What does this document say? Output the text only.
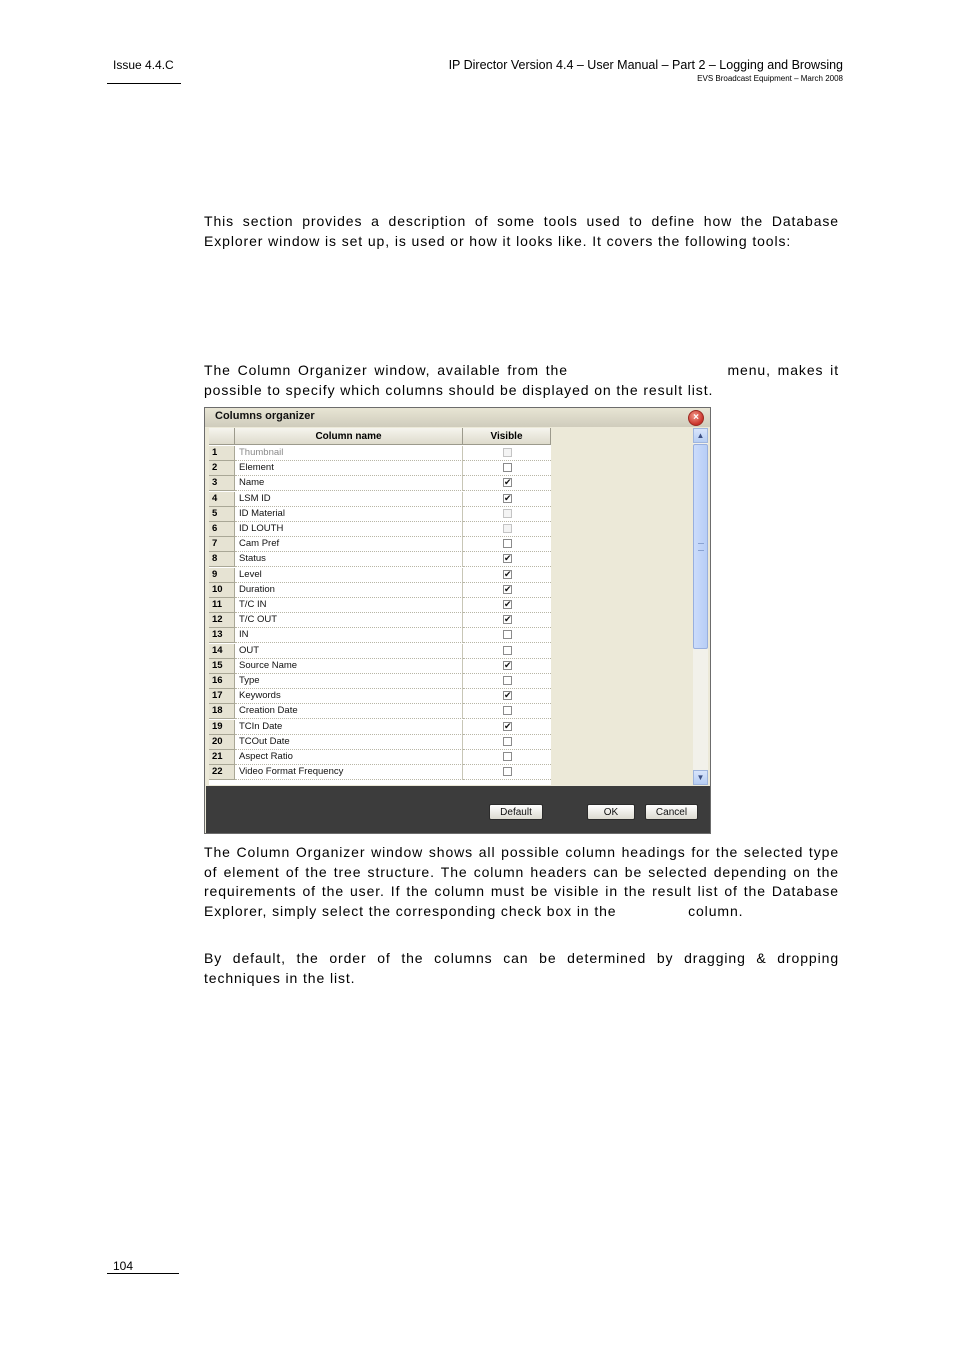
Issue 4.4.C	IP Director Version 4.4 – User Manual – Part 2 – Logging and Browsing
EVS Broadcast Equipment – March 2008
This section provides a description of some tools used to define how the Database Explorer window is set up, is used or how it looks like. It covers the following tools:
The Column Organizer window, available from the	menu, makes it possible to specify which columns should be displayed on the result list.
Columns organizer	×
Column name	Visible
1	Thumbnail
2	Element
3	Name	✔
4	LSM ID	✔
5	ID Material
6	ID LOUTH
7	Cam Pref
8	Status	✔
9	Level	✔
10	Duration	✔
11	T/C IN	✔
12	T/C OUT	✔
13	IN
14	OUT
15	Source Name	✔
16	Type
17	Keywords	✔
18	Creation Date
19	TCIn Date	✔
20	TCOut Date
21	Aspect Ratio
22	Video Format Frequency
▲
▼
Default	OK	Cancel
The Column Organizer window shows all possible column headings for the selected type of element of the tree structure. The column headers can be selected depending on the requirements of the user. If the column must be visible in the result list of the Database Explorer, simply select the corresponding check box in the	column.
By default, the order of the columns can be determined by dragging & dropping techniques in the list.
104
